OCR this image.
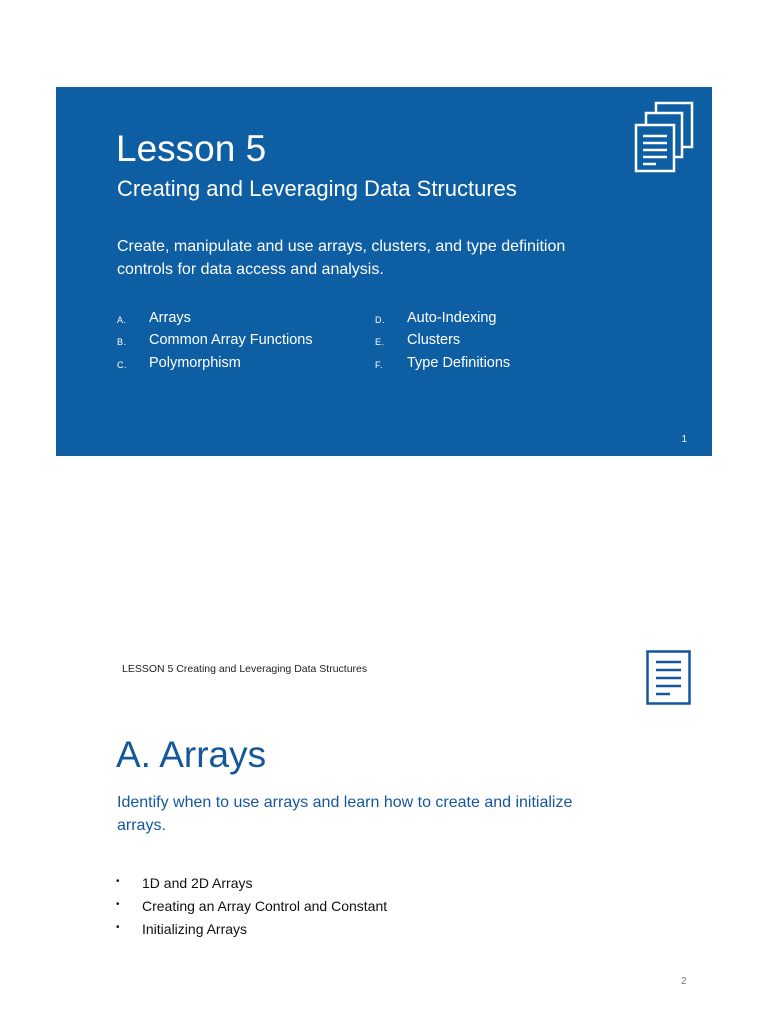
Lesson 5
Creating and Leveraging Data Structures
Create, manipulate and use arrays, clusters, and type definition controls for data access and analysis.
A. Arrays
B. Common Array Functions
C. Polymorphism
D. Auto-Indexing
E. Clusters
F. Type Definitions
1
LESSON 5 Creating and Leveraging Data Structures
A. Arrays
Identify when to use arrays and learn how to create and initialize arrays.
• 1D and 2D Arrays
• Creating an Array Control and Constant
• Initializing Arrays
2
